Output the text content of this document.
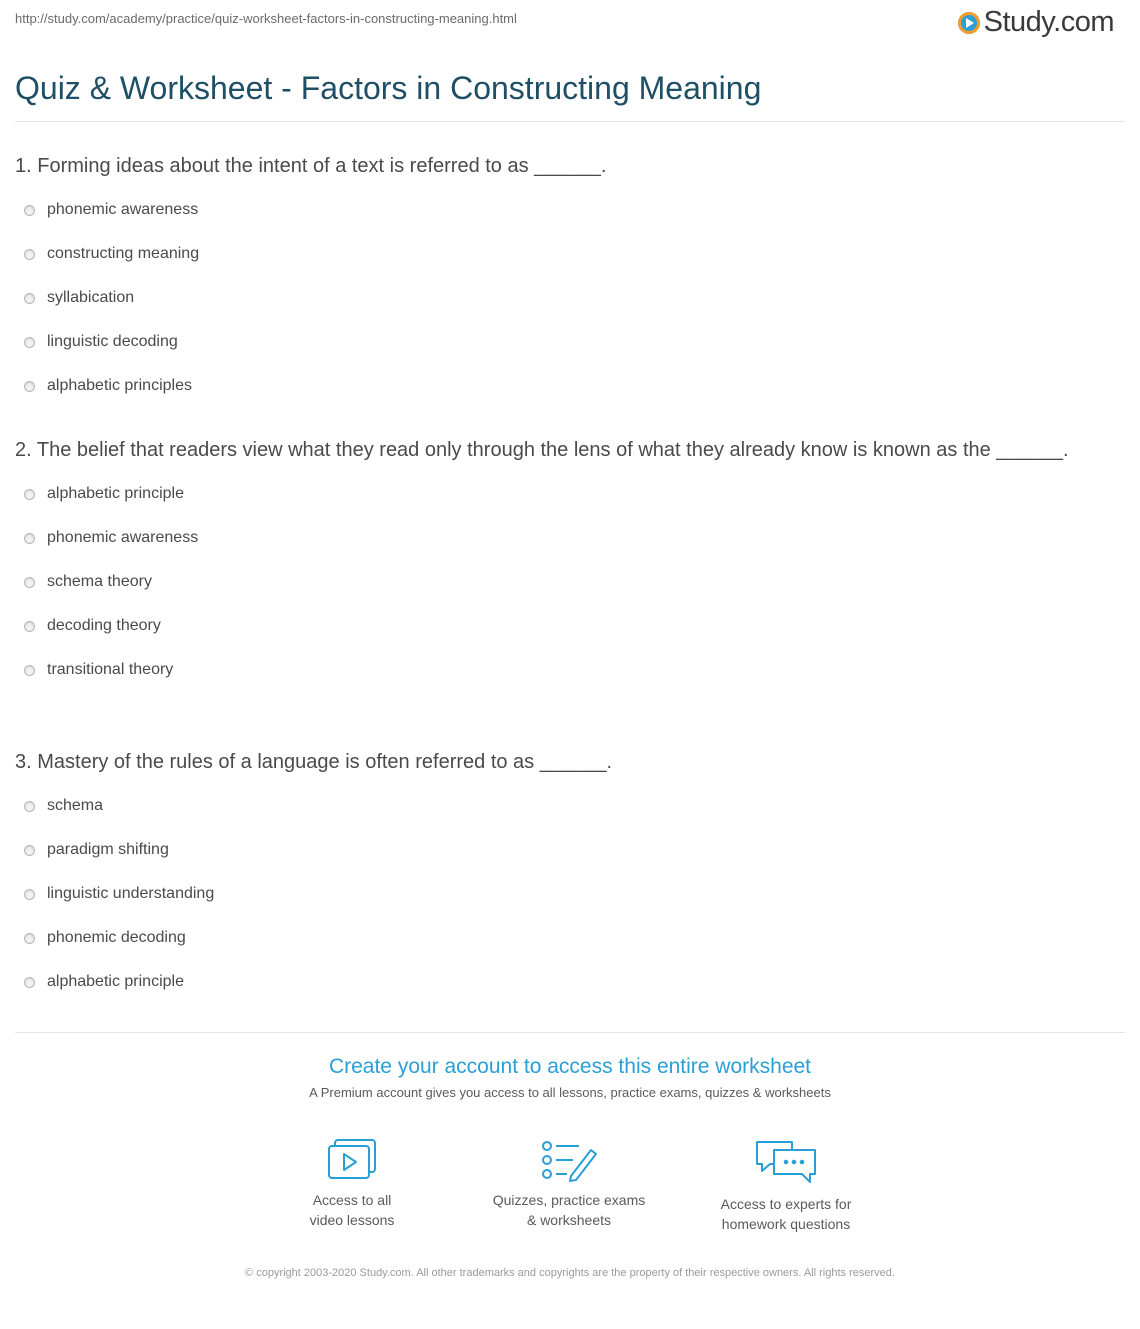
http://study.com/academy/practice/quiz-worksheet-factors-in-constructing-meaning.html	Study.com
Quiz & Worksheet - Factors in Constructing Meaning

1. Forming ideas about the intent of a text is referred to as ______.

phonemic awareness
constructing meaning
syllabication
linguistic decoding
alphabetic principles

2. The belief that readers view what they read only through the lens of what they already know is known as the ______.

alphabetic principle
phonemic awareness
schema theory
decoding theory
transitional theory

3. Mastery of the rules of a language is often referred to as ______.

schema
paradigm shifting
linguistic understanding
phonemic decoding
alphabetic principle

Create your account to access this entire worksheet

A Premium account gives you access to all lessons, practice exams, quizzes & worksheets
Access to all
video lessons
Quizzes, practice exams
& worksheets
Access to experts for
homework questions
© copyright 2003-2020 Study.com. All other trademarks and copyrights are the property of their respective owners. All rights reserved.
